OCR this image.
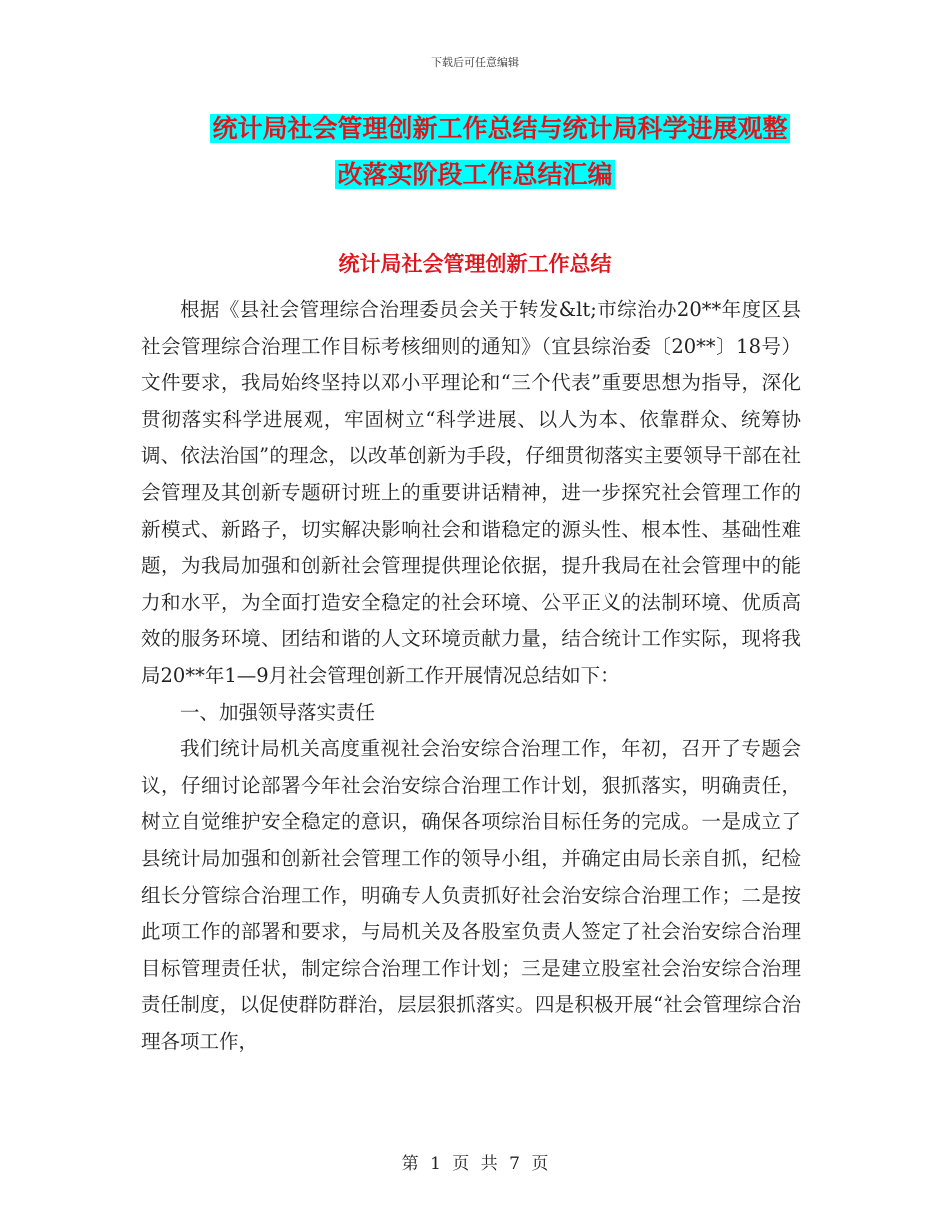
下载后可任意编辑
统计局社会管理创新工作总结与统计局科学进展观整
改落实阶段工作总结汇编
统计局社会管理创新工作总结

根据《县社会管理综合治理委员会关于转发&lt;市综治办20**年度区县社会管理综合治理工作目标考核细则的通知》（宜县综治委〔20**〕18号）文件要求，我局始终坚持以邓小平理论和“三个代表”重要思想为指导，深化贯彻落实科学进展观，牢固树立“科学进展、以人为本、依靠群众、统筹协调、依法治国”的理念，以改革创新为手段，仔细贯彻落实主要领导干部在社会管理及其创新专题研讨班上的重要讲话精神，进一步探究社会管理工作的新模式、新路子，切实解决影响社会和谐稳定的源头性、根本性、基础性难题，为我局加强和创新社会管理提供理论依据，提升我局在社会管理中的能力和水平，为全面打造安全稳定的社会环境、公平正义的法制环境、优质高效的服务环境、团结和谐的人文环境贡献力量，结合统计工作实际，现将我局20**年1—9月社会管理创新工作开展情况总结如下：

一、加强领导落实责任

我们统计局机关高度重视社会治安综合治理工作，年初，召开了专题会议，仔细讨论部署今年社会治安综合治理工作计划，狠抓落实，明确责任，树立自觉维护安全稳定的意识，确保各项综治目标任务的完成。一是成立了县统计局加强和创新社会管理工作的领导小组，并确定由局长亲自抓，纪检组长分管综合治理工作，明确专人负责抓好社会治安综合治理工作；二是按此项工作的部署和要求，与局机关及各股室负责人签定了社会治安综合治理目标管理责任状，制定综合治理工作计划；三是建立股室社会治安综合治理责任制度，以促使群防群治，层层狠抓落实。四是积极开展“社会管理综合治理各项工作，

第 1 页 共 7 页
